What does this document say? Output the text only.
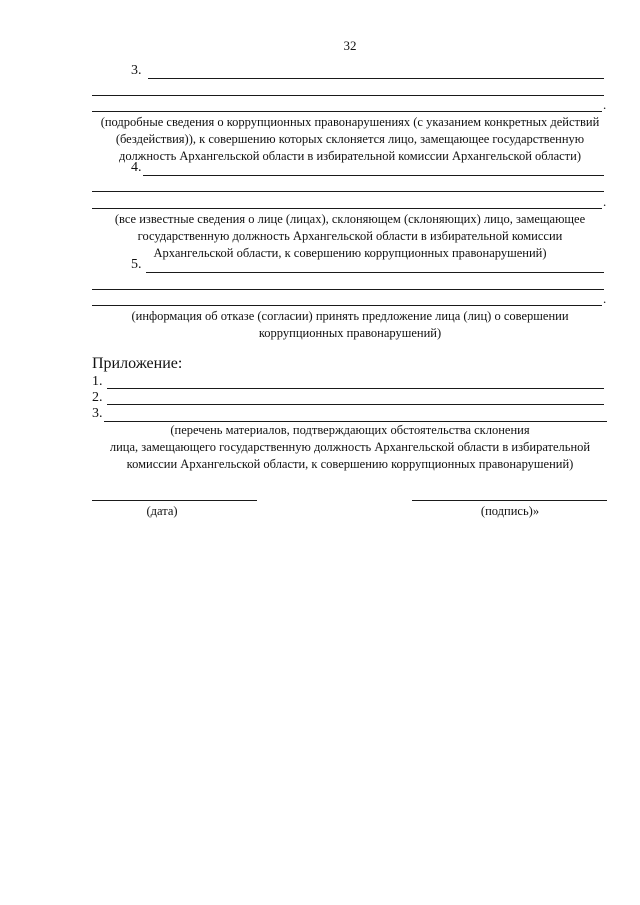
32
3.
.
(подробные сведения о коррупционных правонарушениях (с указанием конкретных действий
(бездействия)), к совершению которых склоняется лицо, замещающее государственную
должность Архангельской области в избирательной комиссии Архангельской области)
4.
.
(все известные сведения о лице (лицах), склоняющем (склоняющих) лицо, замещающее
государственную должность Архангельской области в избирательной комиссии
Архангельской области, к совершению коррупционных правонарушений)
5.
.
(информация об отказе (согласии) принять предложение лица (лиц) о совершении
коррупционных правонарушений)
Приложение:
1.
2.
3.
(перечень материалов, подтверждающих обстоятельства склонения
лица, замещающего государственную должность Архангельской области в избирательной
комиссии Архангельской области, к совершению коррупционных правонарушений)
(дата)	(подпись)»
